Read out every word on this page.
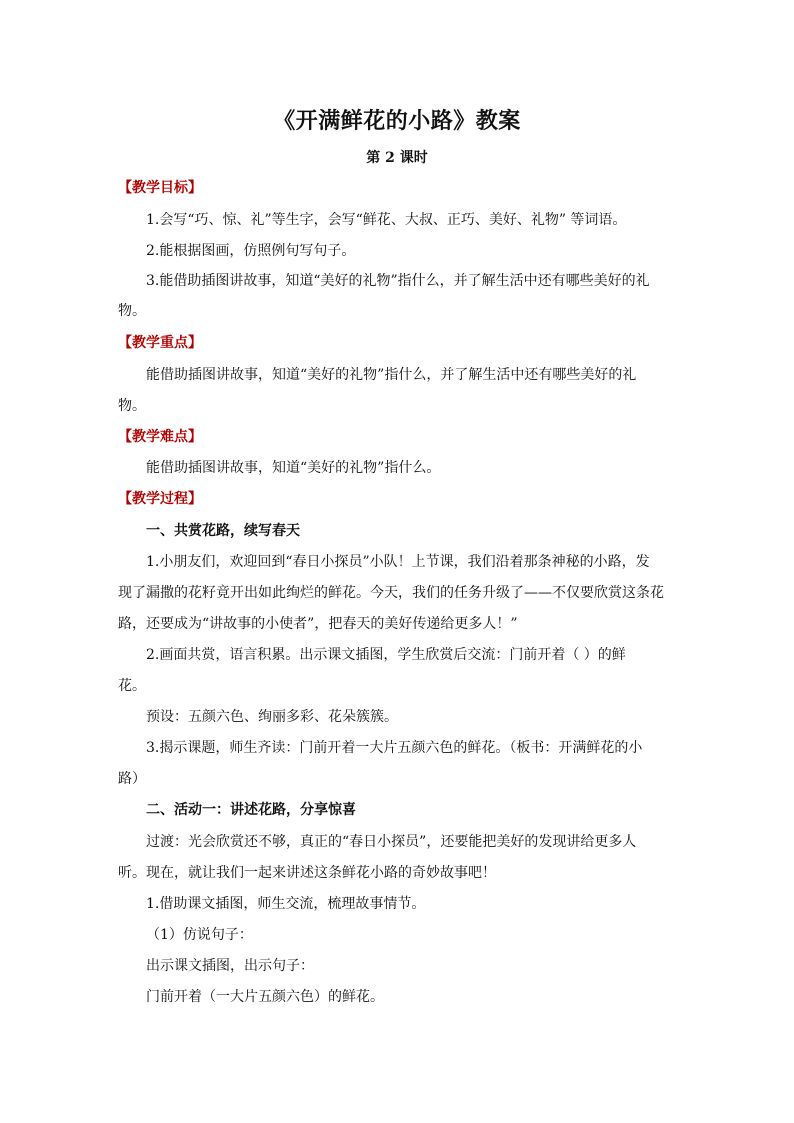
《开满鲜花的小路》教案
第 2 课时
【教学目标】
1.会写“巧、惊、礼”等生字，会写“鲜花、大叔、正巧、美好、礼物” 等词语。
2.能根据图画，仿照例句写句子。
3.能借助插图讲故事，知道“美好的礼物”指什么，并了解生活中还有哪些美好的礼
物。
【教学重点】
能借助插图讲故事，知道“美好的礼物”指什么，并了解生活中还有哪些美好的礼
物。
【教学难点】
能借助插图讲故事，知道“美好的礼物”指什么。
【教学过程】
一、共赏花路，续写春天
1.小朋友们，欢迎回到“春日小探员”小队！上节课，我们沿着那条神秘的小路，发
现了漏撒的花籽竟开出如此绚烂的鲜花。今天，我们的任务升级了——不仅要欣赏这条花
路，还要成为“讲故事的小使者”，把春天的美好传递给更多人！”
2.画面共赏，语言积累。出示课文插图，学生欣赏后交流：门前开着（ ）的鲜
花。
预设：五颜六色、绚丽多彩、花朵簇簇。
3.揭示课题，师生齐读：门前开着一大片五颜六色的鲜花。（板书：开满鲜花的小
路）
二、活动一：讲述花路，分享惊喜
过渡：光会欣赏还不够，真正的“春日小探员”，还要能把美好的发现讲给更多人
听。现在，就让我们一起来讲述这条鲜花小路的奇妙故事吧！
1.借助课文插图，师生交流，梳理故事情节。
（1）仿说句子：
出示课文插图，出示句子：
门前开着（一大片五颜六色）的鲜花。
